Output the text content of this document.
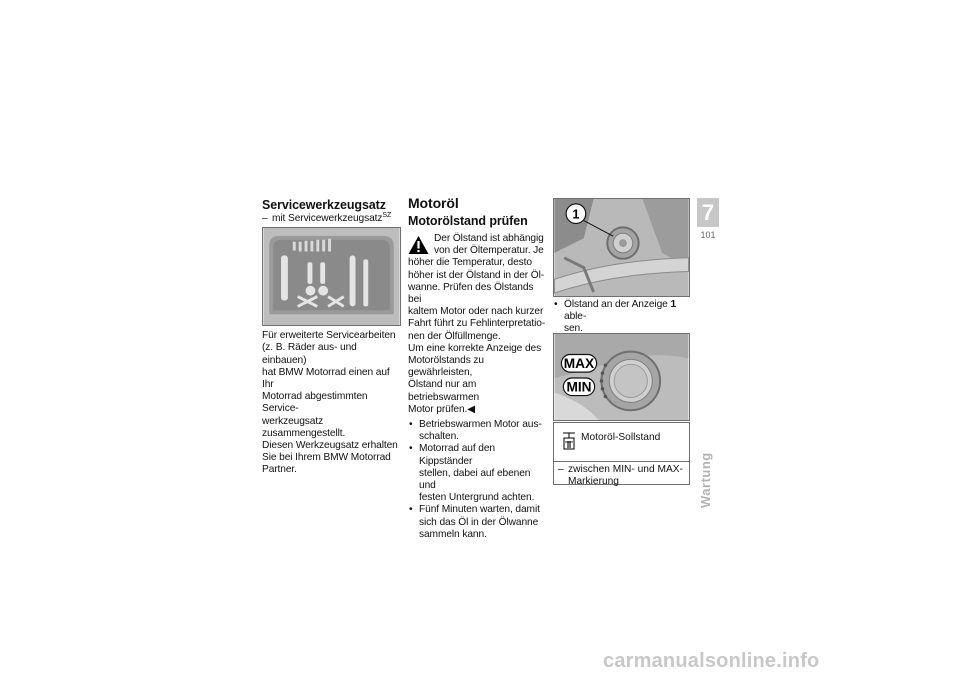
Servicewerkzeugsatz
– mit Servicewerkzeugsatz$^{SZ}$

Für erweiterte Servicearbeiten

(z. B. Räder aus- und einbauen)

hat BMW Motorrad einen auf Ihr

Motorrad abgestimmten Service-

werkzeugsatz zusammengestellt.

Diesen Werkzeugsatz erhalten

Sie bei Ihrem BMW Motorrad

Partner.

Motoröl
Motorölstand prüfen

Der Ölstand ist abhängig

von der Öltemperatur. Je

höher die Temperatur, desto

höher ist der Ölstand in der Öl-

wanne. Prüfen des Ölstands bei

kaltem Motor oder nach kurzer

Fahrt führt zu Fehlinterpretatio-

nen der Ölfüllmenge.

Um eine korrekte Anzeige des

Motorölstands zu gewährleisten,

Ölstand nur am betriebswarmen

Motor prüfen.◀

• Betriebswarmen Motor aus-

schalten.

• Motorrad auf den Kippständer

stellen, dabei auf ebenen und

festen Untergrund achten.

• Fünf Minuten warten, damit

sich das Öl in der Ölwanne

sammeln kann.

1

• Ölstand an der Anzeige 1 able-

sen.

MAX
MIN
Motoröl-Sollstand
– zwischen MIN- und MAX-

Markierung

7
101
Wartung
carmanualsonline.info
